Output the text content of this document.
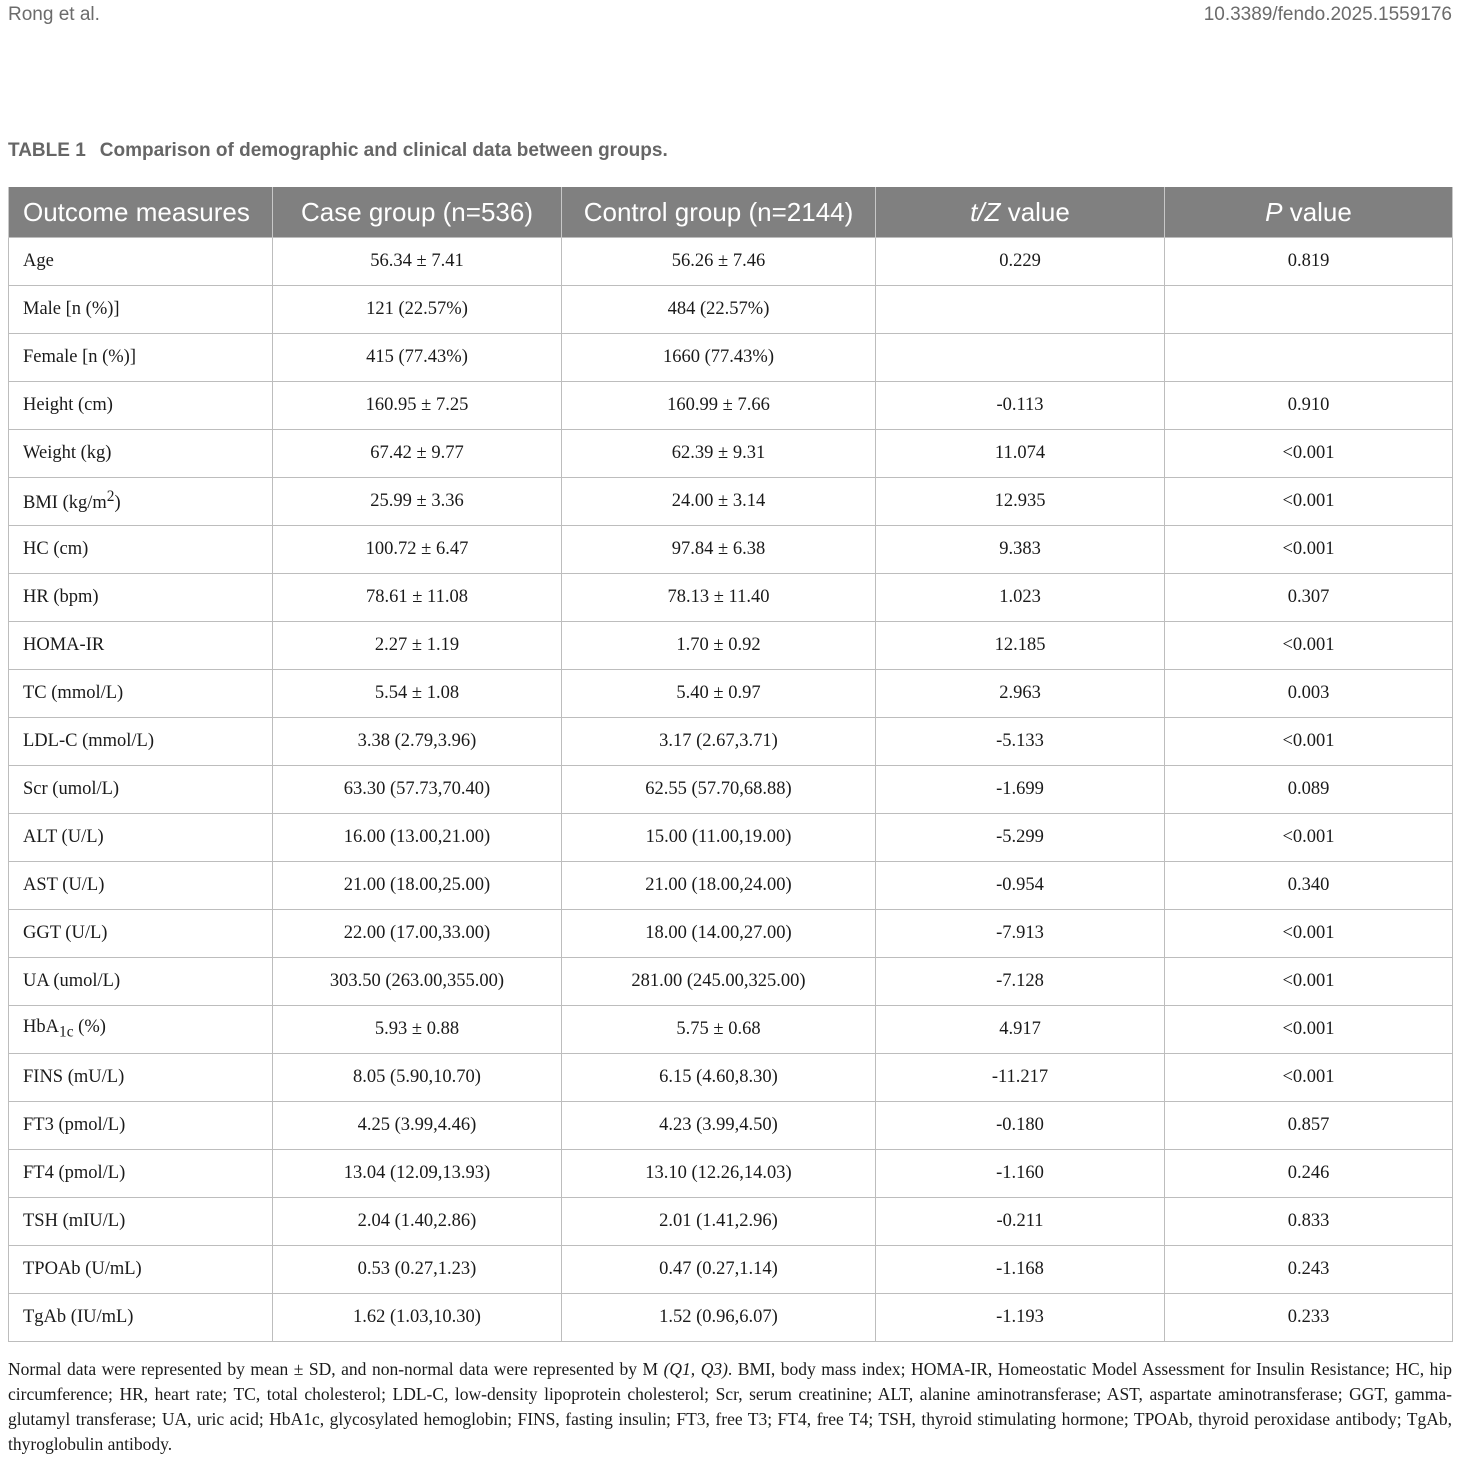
Rong et al.	10.3389/fendo.2025.1559176
TABLE 1 Comparison of demographic and clinical data between groups.
Outcome measures	Case group (n=536)	Control group (n=2144)	t/Z value	P value
Age	56.34 ± 7.41	56.26 ± 7.46	0.229	0.819
Male [n (%)]	121 (22.57%)	484 (22.57%)		
Female [n (%)]	415 (77.43%)	1660 (77.43%)		
Height (cm)	160.95 ± 7.25	160.99 ± 7.66	-0.113	0.910
Weight (kg)	67.42 ± 9.77	62.39 ± 9.31	11.074	<0.001
BMI $(kg/m^2)$	25.99 ± 3.36	24.00 ± 3.14	12.935	<0.001
HC (cm)	100.72 ± 6.47	97.84 ± 6.38	9.383	<0.001
HR (bpm)	78.61 ± 11.08	78.13 ± 11.40	1.023	0.307
HOMA-IR	2.27 ± 1.19	1.70 ± 0.92	12.185	<0.001
TC (mmol/L)	5.54 ± 1.08	5.40 ± 0.97	2.963	0.003
LDL-C (mmol/L)	3.38 (2.79,3.96)	3.17 (2.67,3.71)	-5.133	<0.001
Scr (umol/L)	63.30 (57.73,70.40)	62.55 (57.70,68.88)	-1.699	0.089
ALT (U/L)	16.00 (13.00,21.00)	15.00 (11.00,19.00)	-5.299	<0.001
AST (U/L)	21.00 (18.00,25.00)	21.00 (18.00,24.00)	-0.954	0.340
GGT (U/L)	22.00 (17.00,33.00)	18.00 (14.00,27.00)	-7.913	<0.001
UA (umol/L)	303.50 (263.00,355.00)	281.00 (245.00,325.00)	-7.128	<0.001
HbA$_{1c}$ (%)	5.93 ± 0.88	5.75 ± 0.68	4.917	<0.001
FINS (mU/L)	8.05 (5.90,10.70)	6.15 (4.60,8.30)	-11.217	<0.001
FT3 (pmol/L)	4.25 (3.99,4.46)	4.23 (3.99,4.50)	-0.180	0.857
FT4 (pmol/L)	13.04 (12.09,13.93)	13.10 (12.26,14.03)	-1.160	0.246
TSH (mIU/L)	2.04 (1.40,2.86)	2.01 (1.41,2.96)	-0.211	0.833
TPOAb (U/mL)	0.53 (0.27,1.23)	0.47 (0.27,1.14)	-1.168	0.243
TgAb (IU/mL)	1.62 (1.03,10.30)	1.52 (0.96,6.07)	-1.193	0.233
Normal data were represented by mean ± SD, and non-normal data were represented by M (Q1, Q3). BMI, body mass index; HOMA-IR, Homeostatic Model Assessment for Insulin Resistance; HC, hip circumference; HR, heart rate; TC, total cholesterol; LDL-C, low-density lipoprotein cholesterol; Scr, serum creatinine; ALT, alanine aminotransferase; AST, aspartate aminotransferase; GGT, gamma-glutamyl transferase; UA, uric acid; HbA1c, glycosylated hemoglobin; FINS, fasting insulin; FT3, free T3; FT4, free T4; TSH, thyroid stimulating hormone; TPOAb, thyroid peroxidase antibody; TgAb, thyroglobulin antibody.
